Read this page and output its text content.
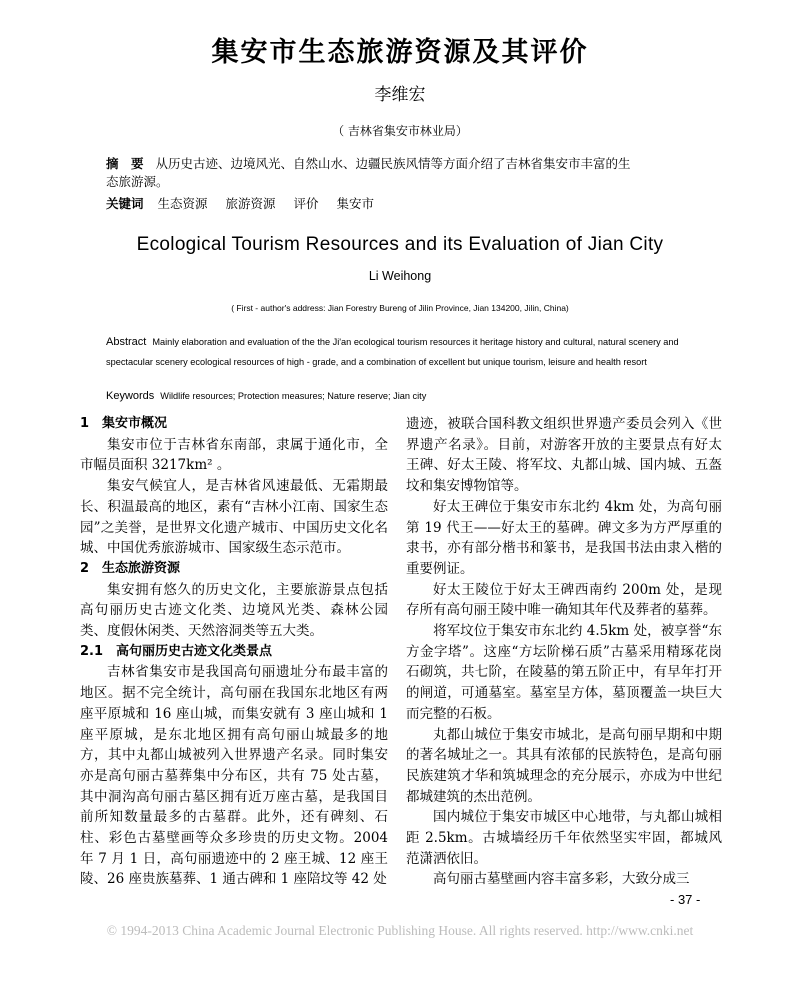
集安市生态旅游资源及其评价
李维宏
（ 吉林省集安市林业局）
摘　要 从历史古迹、边境风光、自然山水、边疆民族风情等方面介绍了吉林省集安市丰富的生
态旅游源。
关键词 生态资源 旅游资源 评价 集安市
Ecological Tourism Resources and its Evaluation of Jian City
Li Weihong
( First - author's address: Jian Forestry Bureng of Jilin Province, Jian 134200, Jilin, China)
Abstract Mainly elaboration and evaluation of the the Ji'an ecological tourism resources it heritage history and cultural, natural scenery and spectacular scenery ecological resources of high - grade, and a combination of excellent but unique tourism, leisure and health resort
Keywords Wildlife resources; Protection measures; Nature reserve; Jian city

1　集安市概况

集安市位于吉林省东南部，隶属于通化市，全市幅员面积 3217km² 。

集安气候宜人，是吉林省风速最低、无霜期最长、积温最高的地区，素有“吉林小江南、国家生态园”之美誉，是世界文化遗产城市、中国历史文化名城、中国优秀旅游城市、国家级生态示范市。

2　生态旅游资源

集安拥有悠久的历史文化，主要旅游景点包括高句丽历史古迹文化类、边境风光类、森林公园类、度假休闲类、天然溶洞类等五大类。

2.1　高句丽历史古迹文化类景点

吉林省集安市是我国高句丽遗址分布最丰富的地区。据不完全统计，高句丽在我国东北地区有两座平原城和 16 座山城，而集安就有 3 座山城和 1 座平原城，是东北地区拥有高句丽山城最多的地方，其中丸都山城被列入世界遗产名录。同时集安亦是高句丽古墓葬集中分布区，共有 75 处古墓，其中洞沟高句丽古墓区拥有近万座古墓，是我国目前所知数量最多的古墓群。此外，还有碑刻、石柱、彩色古墓壁画等众多珍贵的历史文物。2004 年 7 月 1 日，高句丽遗迹中的 2 座王城、12 座王陵、26 座贵族墓葬、1 通古碑和 1 座陪坟等 42 处

遗迹，被联合国科教文组织世界遗产委员会列入《世界遗产名录》。目前，对游客开放的主要景点有好太王碑、好太王陵、将军坟、丸都山城、国内城、五盔坟和集安博物馆等。

好太王碑位于集安市东北约 4km 处，为高句丽第 19 代王——好太王的墓碑。碑文多为方严厚重的隶书，亦有部分楷书和篆书，是我国书法由隶入楷的重要例证。

好太王陵位于好太王碑西南约 200m 处，是现存所有高句丽王陵中唯一确知其年代及葬者的墓葬。

将军坟位于集安市东北约 4.5km 处，被享誉“东方金字塔”。这座“方坛阶梯石质”古墓采用精琢花岗石砌筑，共七阶，在陵墓的第五阶正中，有早年打开的闸道，可通墓室。墓室呈方体，墓顶覆盖一块巨大而完整的石板。

丸都山城位于集安市城北，是高句丽早期和中期的著名城址之一。其具有浓郁的民族特色，是高句丽民族建筑才华和筑城理念的充分展示，亦成为中世纪都城建筑的杰出范例。

国内城位于集安市城区中心地带，与丸都山城相距 2.5km。古城墙经历千年依然坚实牢固，都城风范潇洒依旧。

高句丽古墓壁画内容丰富多彩，大致分成三

- 37 -
© 1994-2013 China Academic Journal Electronic Publishing House. All rights reserved. http://www.cnki.net
